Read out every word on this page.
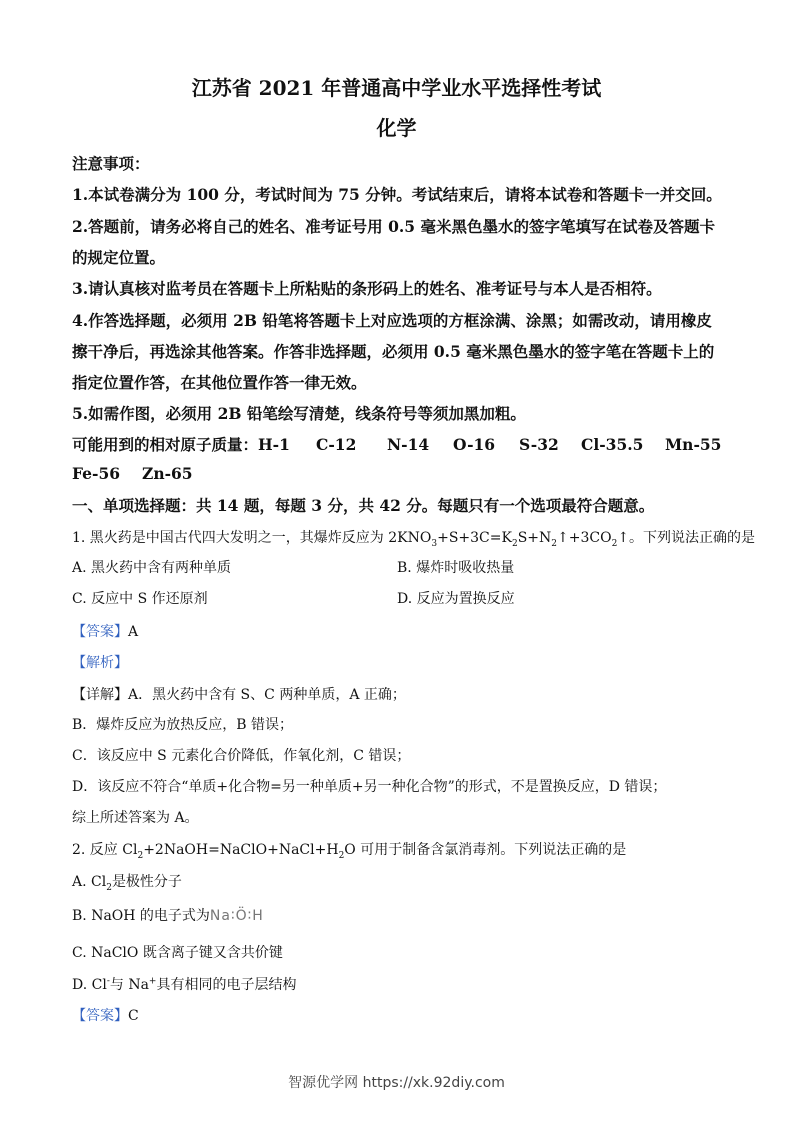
江苏省 2021 年普通高中学业水平选择性考试
化学
注意事项：
1.本试卷满分为 100 分，考试时间为 75 分钟。考试结束后，请将本试卷和答题卡一并交回。
2.答题前，请务必将自己的姓名、准考证号用 0.5 毫米黑色墨水的签字笔填写在试卷及答题卡
的规定位置。
3.请认真核对监考员在答题卡上所粘贴的条形码上的姓名、准考证号与本人是否相符。
4.作答选择题，必须用 2B 铅笔将答题卡上对应选项的方框涂满、涂黑；如需改动，请用橡皮
擦干净后，再选涂其他答案。作答非选择题，必须用 0.5 毫米黑色墨水的签字笔在答题卡上的
指定位置作答，在其他位置作答一律无效。
5.如需作图，必须用 2B 铅笔绘写清楚，线条符号等须加黑加粗。
可能用到的相对原子质量：H-1 C-12 N-14 O-16 S-32 Cl-35.5 Mn-55
Fe-56 Zn-65
一、单项选择题：共 14 题，每题 3 分，共 42 分。每题只有一个选项最符合题意。
1. 黑火药是中国古代四大发明之一，其爆炸反应为 $2KNO_3+S+3C=K_2S+N_2↑+3CO_2↑$。下列说法正确的是
A. 黑火药中含有两种单质	B. 爆炸时吸收热量
C. 反应中 S 作还原剂	D. 反应为置换反应
【答案】A
【解析】
【详解】A．黑火药中含有 S、C 两种单质，A 正确；
B．爆炸反应为放热反应，B 错误；
C．该反应中 S 元素化合价降低，作氧化剂，C 错误；
D．该反应不符合“单质+化合物=另一种单质+另一种化合物”的形式，不是置换反应，D 错误；
综上所述答案为 A。
2. 反应 $Cl_2+2NaOH=NaClO+NaCl+H_2O$ 可用于制备含氯消毒剂。下列说法正确的是
A. $Cl_2$是极性分子
B. NaOH 的电子式为Na∶Ö∶H
C. NaClO 既含离子键又含共价键
D. Cl-与 Na+具有相同的电子层结构
【答案】C
智源优学网 https://xk.92diy.com
